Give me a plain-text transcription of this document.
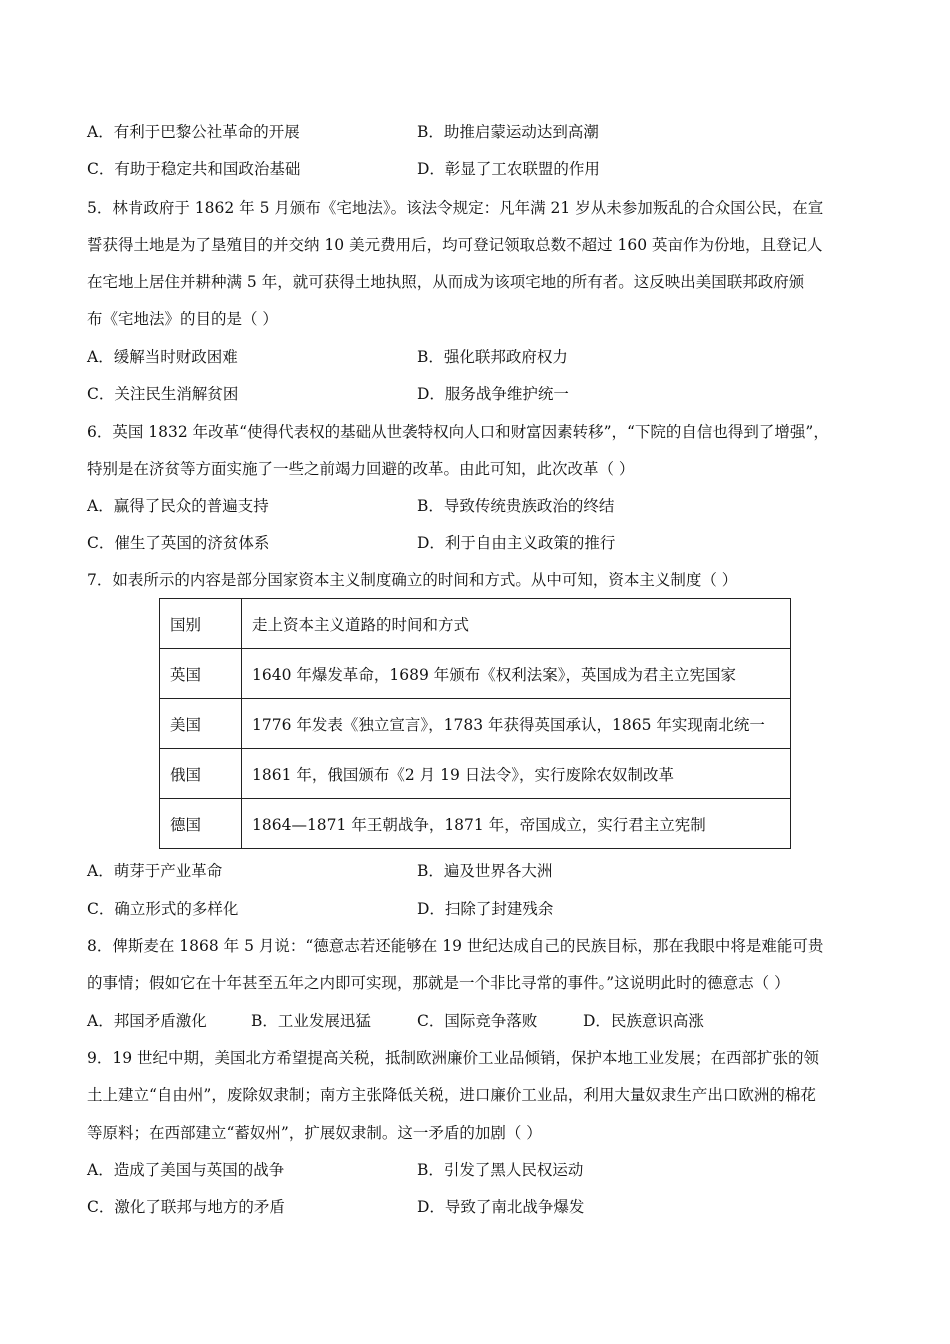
A．有利于巴黎公社革命的开展	B．助推启蒙运动达到高潮
C．有助于稳定共和国政治基础	D．彰显了工农联盟的作用
5．林肯政府于 1862 年 5 月颁布《宅地法》。该法令规定：凡年满 21 岁从未参加叛乱的合众国公民，在宣
誓获得土地是为了垦殖目的并交纳 10 美元费用后，均可登记领取总数不超过 160 英亩作为份地，且登记人
在宅地上居住并耕种满 5 年，就可获得土地执照，从而成为该项宅地的所有者。这反映出美国联邦政府颁
布《宅地法》的目的是（ ）
A．缓解当时财政困难	B．强化联邦政府权力
C．关注民生消解贫困	D．服务战争维护统一
6．英国 1832 年改革“使得代表权的基础从世袭特权向人口和财富因素转移”，“下院的自信也得到了增强”，
特别是在济贫等方面实施了一些之前竭力回避的改革。由此可知，此次改革（ ）
A．赢得了民众的普遍支持	B．导致传统贵族政治的终结
C．催生了英国的济贫体系	D．利于自由主义政策的推行
7．如表所示的内容是部分国家资本主义制度确立的时间和方式。从中可知，资本主义制度（ ）
国别	走上资本主义道路的时间和方式
英国	1640 年爆发革命，1689 年颁布《权利法案》，英国成为君主立宪国家
美国	1776 年发表《独立宣言》，1783 年获得英国承认，1865 年实现南北统一
俄国	1861 年，俄国颁布《2 月 19 日法令》，实行废除农奴制改革
德国	1864—1871 年王朝战争，1871 年，帝国成立，实行君主立宪制
A．萌芽于产业革命	B．遍及世界各大洲
C．确立形式的多样化	D．扫除了封建残余
8．俾斯麦在 1868 年 5 月说：“德意志若还能够在 19 世纪达成自己的民族目标，那在我眼中将是难能可贵
的事情；假如它在十年甚至五年之内即可实现，那就是一个非比寻常的事件。”这说明此时的德意志（ ）
A．邦国矛盾激化	B．工业发展迅猛	C．国际竞争落败	D．民族意识高涨
9．19 世纪中期，美国北方希望提高关税，抵制欧洲廉价工业品倾销，保护本地工业发展；在西部扩张的领
土上建立“自由州”，废除奴隶制；南方主张降低关税，进口廉价工业品，利用大量奴隶生产出口欧洲的棉花
等原料；在西部建立“蓄奴州”，扩展奴隶制。这一矛盾的加剧（ ）
A．造成了美国与英国的战争	B．引发了黑人民权运动
C．激化了联邦与地方的矛盾	D．导致了南北战争爆发
